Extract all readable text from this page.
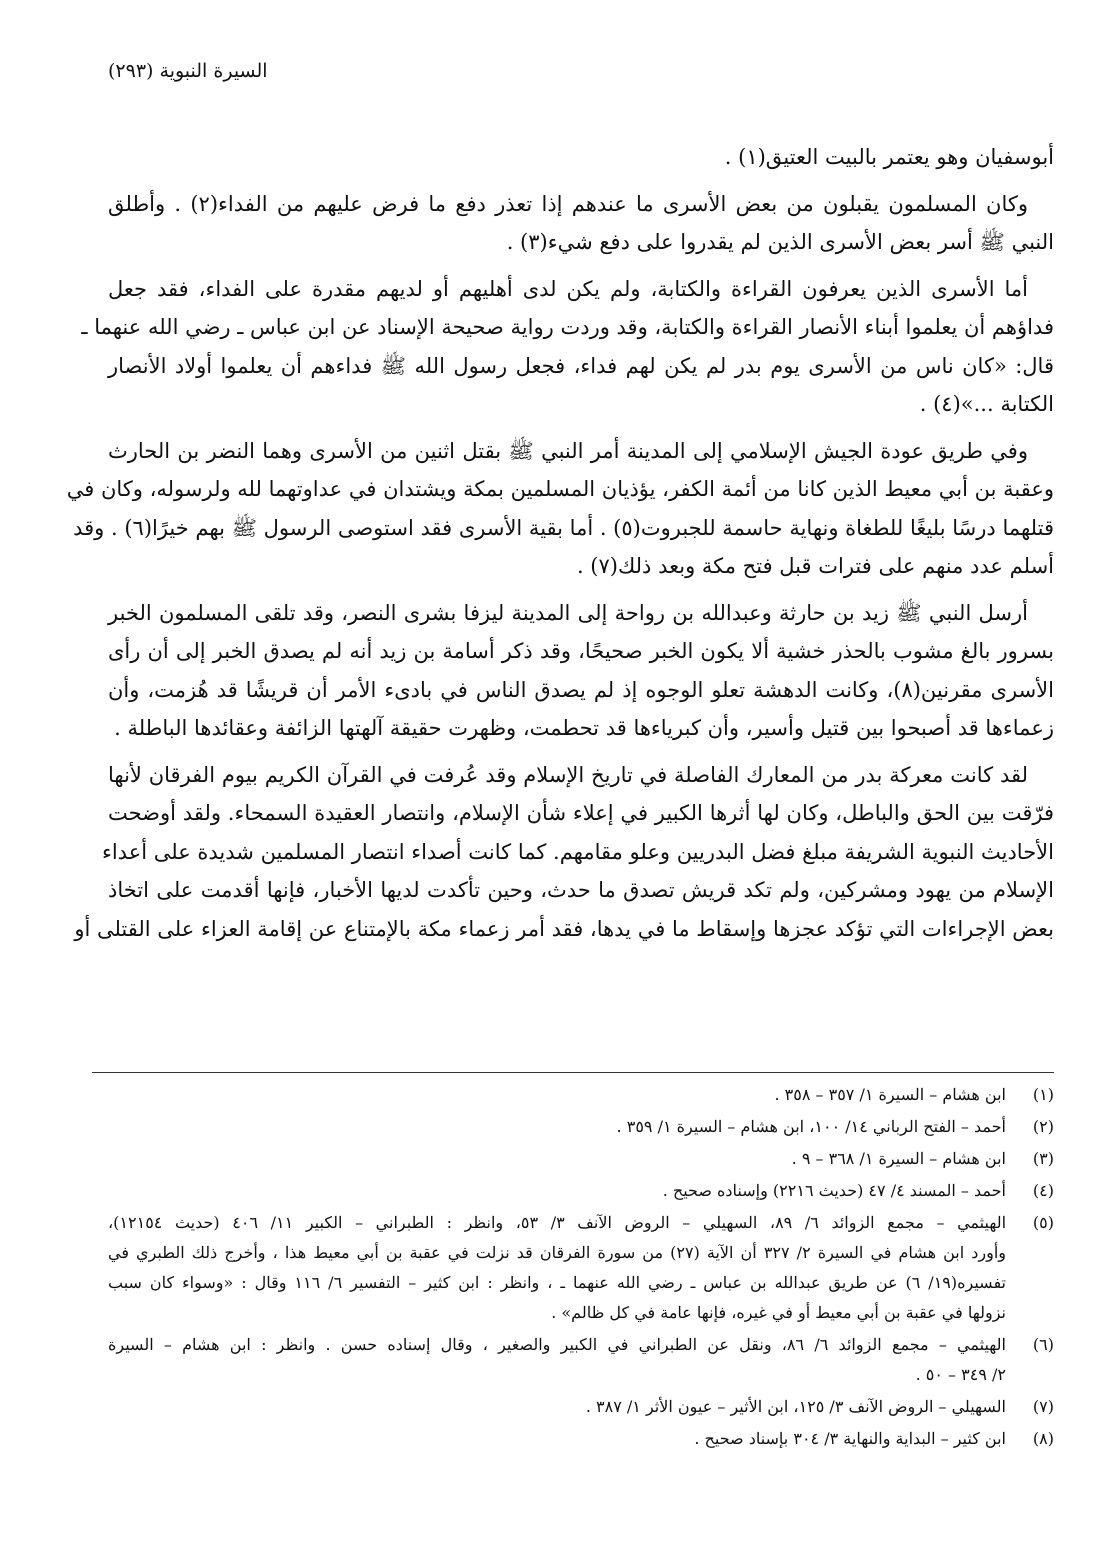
السيرة النبوية (٢٩٣)
أبوسفيان وهو يعتمر بالبيت العتيق(١) .
وكان المسلمون يقبلون من بعض الأسرى ما عندهم إذا تعذر دفع ما فرض عليهم من الفداء(٢) . وأطلق
النبي ﷺ أسر بعض الأسرى الذين لم يقدروا على دفع شيء(٣) .
أما الأسرى الذين يعرفون القراءة والكتابة، ولم يكن لدى أهليهم أو لديهم مقدرة على الفداء، فقد جعل
فداؤهم أن يعلموا أبناء الأنصار القراءة والكتابة، وقد وردت رواية صحيحة الإسناد عن ابن عباس ـ رضي الله عنهما ـ
قال: «كان ناس من الأسرى يوم بدر لم يكن لهم فداء، فجعل رسول الله ﷺ فداءهم أن يعلموا أولاد الأنصار
الكتابة ...»(٤) .
وفي طريق عودة الجيش الإسلامي إلى المدينة أمر النبي ﷺ بقتل اثنين من الأسرى وهما النضر بن الحارث
وعقبة بن أبي معيط الذين كانا من أئمة الكفر، يؤذيان المسلمين بمكة ويشتدان في عداوتهما لله ولرسوله، وكان في
قتلهما درسًا بليغًا للطغاة ونهاية حاسمة للجبروت(٥) . أما بقية الأسرى فقد استوصى الرسول ﷺ بهم خيرًا(٦) . وقد
أسلم عدد منهم على فترات قبل فتح مكة وبعد ذلك(٧) .
أرسل النبي ﷺ زيد بن حارثة وعبدالله بن رواحة إلى المدينة ليزفا بشرى النصر، وقد تلقى المسلمون الخبر
بسرور بالغ مشوب بالحذر خشية ألا يكون الخبر صحيحًا، وقد ذكر أسامة بن زيد أنه لم يصدق الخبر إلى أن رأى
الأسرى مقرنين(٨)، وكانت الدهشة تعلو الوجوه إذ لم يصدق الناس في بادىء الأمر أن قريشًا قد هُزمت، وأن
زعماءها قد أصبحوا بين قتيل وأسير، وأن كبرياءها قد تحطمت، وظهرت حقيقة آلهتها الزائفة وعقائدها الباطلة .
لقد كانت معركة بدر من المعارك الفاصلة في تاريخ الإسلام وقد عُرفت في القرآن الكريم بيوم الفرقان لأنها
فرّقت بين الحق والباطل، وكان لها أثرها الكبير في إعلاء شأن الإسلام، وانتصار العقيدة السمحاء. ولقد أوضحت
الأحاديث النبوية الشريفة مبلغ فضل البدريين وعلو مقامهم. كما كانت أصداء انتصار المسلمين شديدة على أعداء
الإسلام من يهود ومشركين، ولم تكد قريش تصدق ما حدث، وحين تأكدت لديها الأخبار، فإنها أقدمت على اتخاذ
بعض الإجراءات التي تؤكد عجزها وإسقاط ما في يدها، فقد أمر زعماء مكة بالإمتناع عن إقامة العزاء على القتلى أو
(١)
ابن هشام – السيرة ١/ ٣٥٧ – ٣٥٨ .
(٢)
أحمد – الفتح الرباني ١٤/ ١٠٠، ابن هشام – السيرة ١/ ٣٥٩ .
(٣)
ابن هشام – السيرة ١/ ٣٦٨ – ٩ .
(٤)
أحمد – المسند ٤/ ٤٧ (حديث ٢٢١٦) وإسناده صحيح .
(٥)
الهيثمي – مجمع الزوائد ٦/ ٨٩، السهيلي – الروض الآنف ٣/ ٥٣، وانظر : الطبراني – الكبير ١١/ ٤٠٦ (حديث ١٢١٥٤)،
وأورد ابن هشام في السيرة ٢/ ٣٢٧ أن الآية (٢٧) من سورة الفرقان قد نزلت في عقبة بن أبي معيط هذا ، وأخرج ذلك الطبري في
تفسيره(١٩/ ٦) عن طريق عبدالله بن عباس ـ رضي الله عنهما ـ ، وانظر : ابن كثير – التفسير ٦/ ١١٦ وقال : «وسواء كان سبب
نزولها في عقبة بن أبي معيط أو في غيره، فإنها عامة في كل ظالم» .
(٦)
الهيثمي – مجمع الزوائد ٦/ ٨٦، ونقل عن الطبراني في الكبير والصغير ، وقال إسناده حسن . وانظر : ابن هشام – السيرة
٢/ ٣٤٩ – ٥٠ .
(٧)
السهيلي – الروض الآنف ٣/ ١٢٥، ابن الأثير – عيون الأثر ١/ ٣٨٧ .
(٨)
ابن كثير – البداية والنهاية ٣/ ٣٠٤ بإسناد صحيح .
